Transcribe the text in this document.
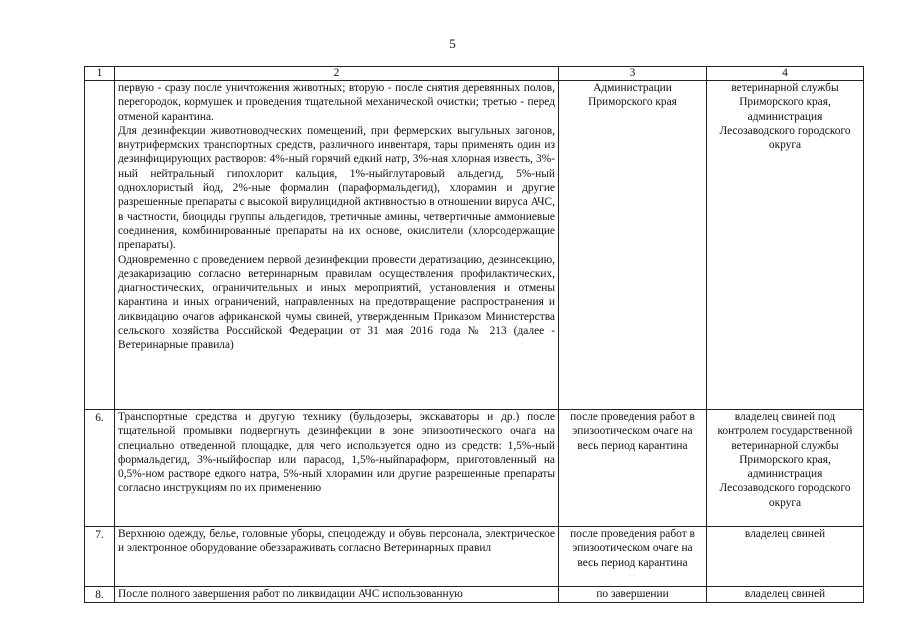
5
1	2	3	4

	первую - сразу после уничтожения животных; вторую - после снятия деревянных полов, перегородок, кормушек и проведения тщательной механической очистки; третью - перед отменой карантина.
Для дезинфекции животноводческих помещений, при фермерских выгульных загонов, внутрифермских транспортных средств, различного инвентаря, тары применять один из дезинфицирующих растворов: 4%-ный горячий едкий натр, 3%-ная хлорная известь, 3%-ный нейтральный гипохлорит кальция, 1%-ныйглутаровый альдегид, 5%-ный однохлористый йод, 2%-ные формалин (параформальдегид), хлорамин и другие разрешенные препараты с высокой вирулицидной активностью в отношении вируса АЧС, в частности, биоциды группы альдегидов, третичные амины, четвертичные аммониевые соединения, комбинированные препараты на их основе, окислители (хлорсодержащие препараты).
Одновременно с проведением первой дезинфекции провести дератизацию, дезинсекцию, дезакаризацию согласно ветеринарным правилам осуществления профилактических, диагностических, ограничительных и иных мероприятий, установления и отмены карантина и иных ограничений, направленных на предотвращение распространения и ликвидацию очагов африканской чумы свиней, утвержденным Приказом Министерства сельского хозяйства Российской Федерации от 31 мая 2016 года № 213 (далее - Ветеринарные правила)	Администрации Приморского края	ветеринарной службы Приморского края, администрация Лесозаводского городского округа

6.	Транспортные средства и другую технику (бульдозеры, экскаваторы и др.) после тщательной промывки подвергнуть дезинфекции в зоне эпизоотического очага на специально отведенной площадке, для чего используется одно из средств: 1,5%-ный формальдегид, 3%-ныйфоспар или парасод, 1,5%-ныйпараформ, приготовленный на 0,5%-ном растворе едкого натра, 5%-ный хлорамин или другие разрешенные препараты согласно инструкциям по их применению	после проведения работ в эпизоотическом очаге на весь период карантина	владелец свиней под контролем государственной ветеринарной службы Приморского края, администрация Лесозаводского городского округа

7.	Верхнюю одежду, белье, головные уборы, спецодежду и обувь персонала, электрическое и электронное оборудование обеззараживать согласно Ветеринарных правил	после проведения работ в эпизоотическом очаге на весь период карантина	владелец свиней

8.	После полного завершения работ по ликвидации АЧС использованную	по завершении	владелец свиней
